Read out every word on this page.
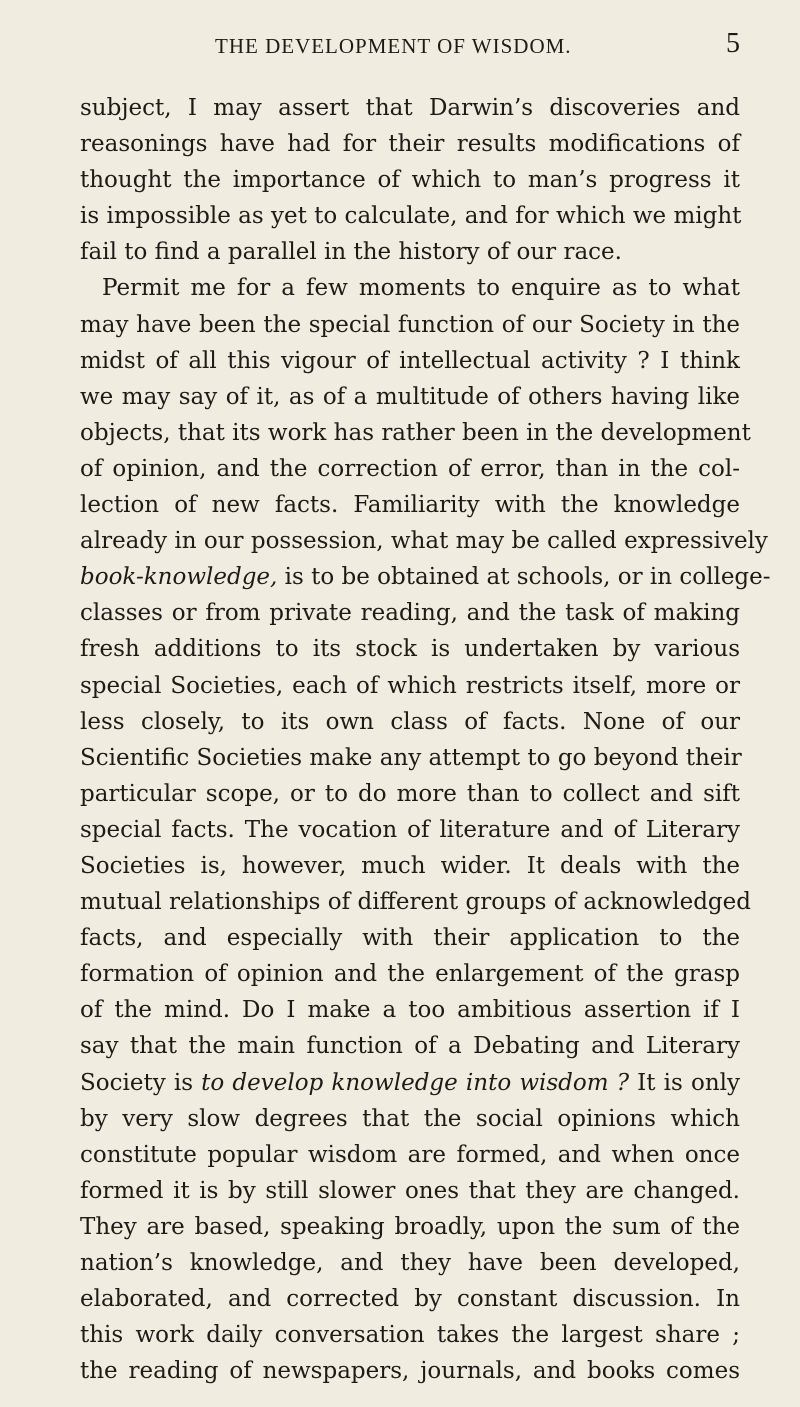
THE DEVELOPMENT OF WISDOM.	5
subject, I may assert that Darwin’s discoveries and
reasonings have had for their results modifications of
thought the importance of which to man’s progress it
is impossible as yet to calculate, and for which we might
fail to find a parallel in the history of our race.
Permit me for a few moments to enquire as to what
may have been the special function of our Society in the
midst of all this vigour of intellectual activity ? I think
we may say of it, as of a multitude of others having like
objects, that its work has rather been in the development
of opinion, and the correction of error, than in the col-
lection of new facts. Familiarity with the knowledge
already in our possession, what may be called expressively
book-knowledge, is to be obtained at schools, or in college-
classes or from private reading, and the task of making
fresh additions to its stock is undertaken by various
special Societies, each of which restricts itself, more or
less closely, to its own class of facts. None of our
Scientific Societies make any attempt to go beyond their
particular scope, or to do more than to collect and sift
special facts. The vocation of literature and of Literary
Societies is, however, much wider. It deals with the
mutual relationships of different groups of acknowledged
facts, and especially with their application to the
formation of opinion and the enlargement of the grasp
of the mind. Do I make a too ambitious assertion if I
say that the main function of a Debating and Literary
Society is to develop knowledge into wisdom ? It is only
by very slow degrees that the social opinions which
constitute popular wisdom are formed, and when once
formed it is by still slower ones that they are changed.
They are based, speaking broadly, upon the sum of the
nation’s knowledge, and they have been developed,
elaborated, and corrected by constant discussion. In
this work daily conversation takes the largest share ;
the reading of newspapers, journals, and books comes
